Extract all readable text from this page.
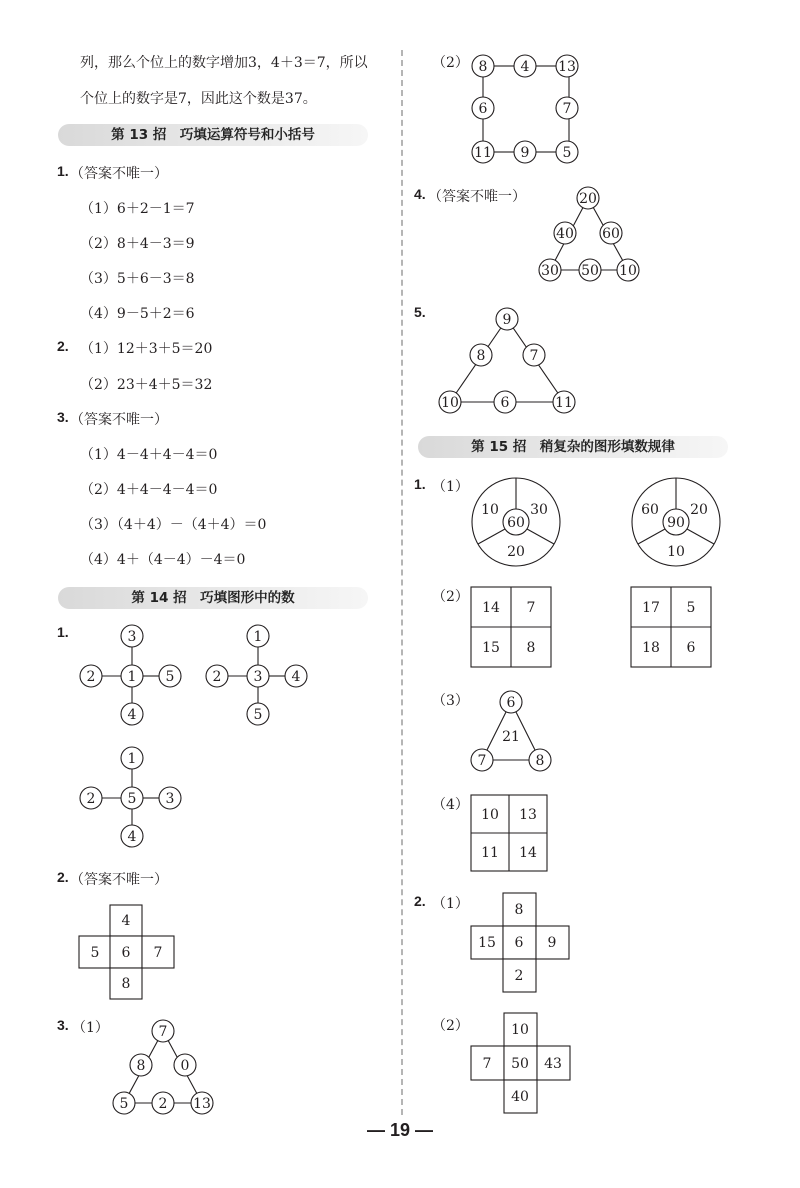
列，那么个位上的数字增加3，4＋3＝7，所以
个位上的数字是7，因此这个数是37。
第 13 招　巧填运算符号和小括号
1. （答案不唯一）
（1）6＋2－1＝7
（2）8＋4－3＝9
（3）5＋6－3＝8
（4）9－5＋2＝6
2. （1）12＋3＋5＝20
（2）23＋4＋5＝32
3. （答案不唯一）
（1）4－4＋4－4＝0
（2）4＋4－4－4＝0
（3）（4＋4）－（4＋4）＝0
（4）4＋（4－4）－4＝0
第 14 招　巧填图形中的数
1.	3
2 1 5
4
1
2 3 4
5
1
2 5 3
4
2. （答案不唯一）
4
5 6 7
8
3. （1）	7
8	0
5 2 13
（2） 8 4 13
6	7
11 9 5
4. （答案不唯一）	20
40 60
30 50 10
5.	9
8	7
10	6	11
第 15 招　稍复杂的图形填数规律
1. （1）
60
10 30
20
90
60 20
10
（2）
14 7
15 8
17 5
18 6
（3）	6
21
7	8
（4）
10 13
11 14
2. （1）	8
15 6 9
2
（2）	10
7 50 43
40
— 19 —
